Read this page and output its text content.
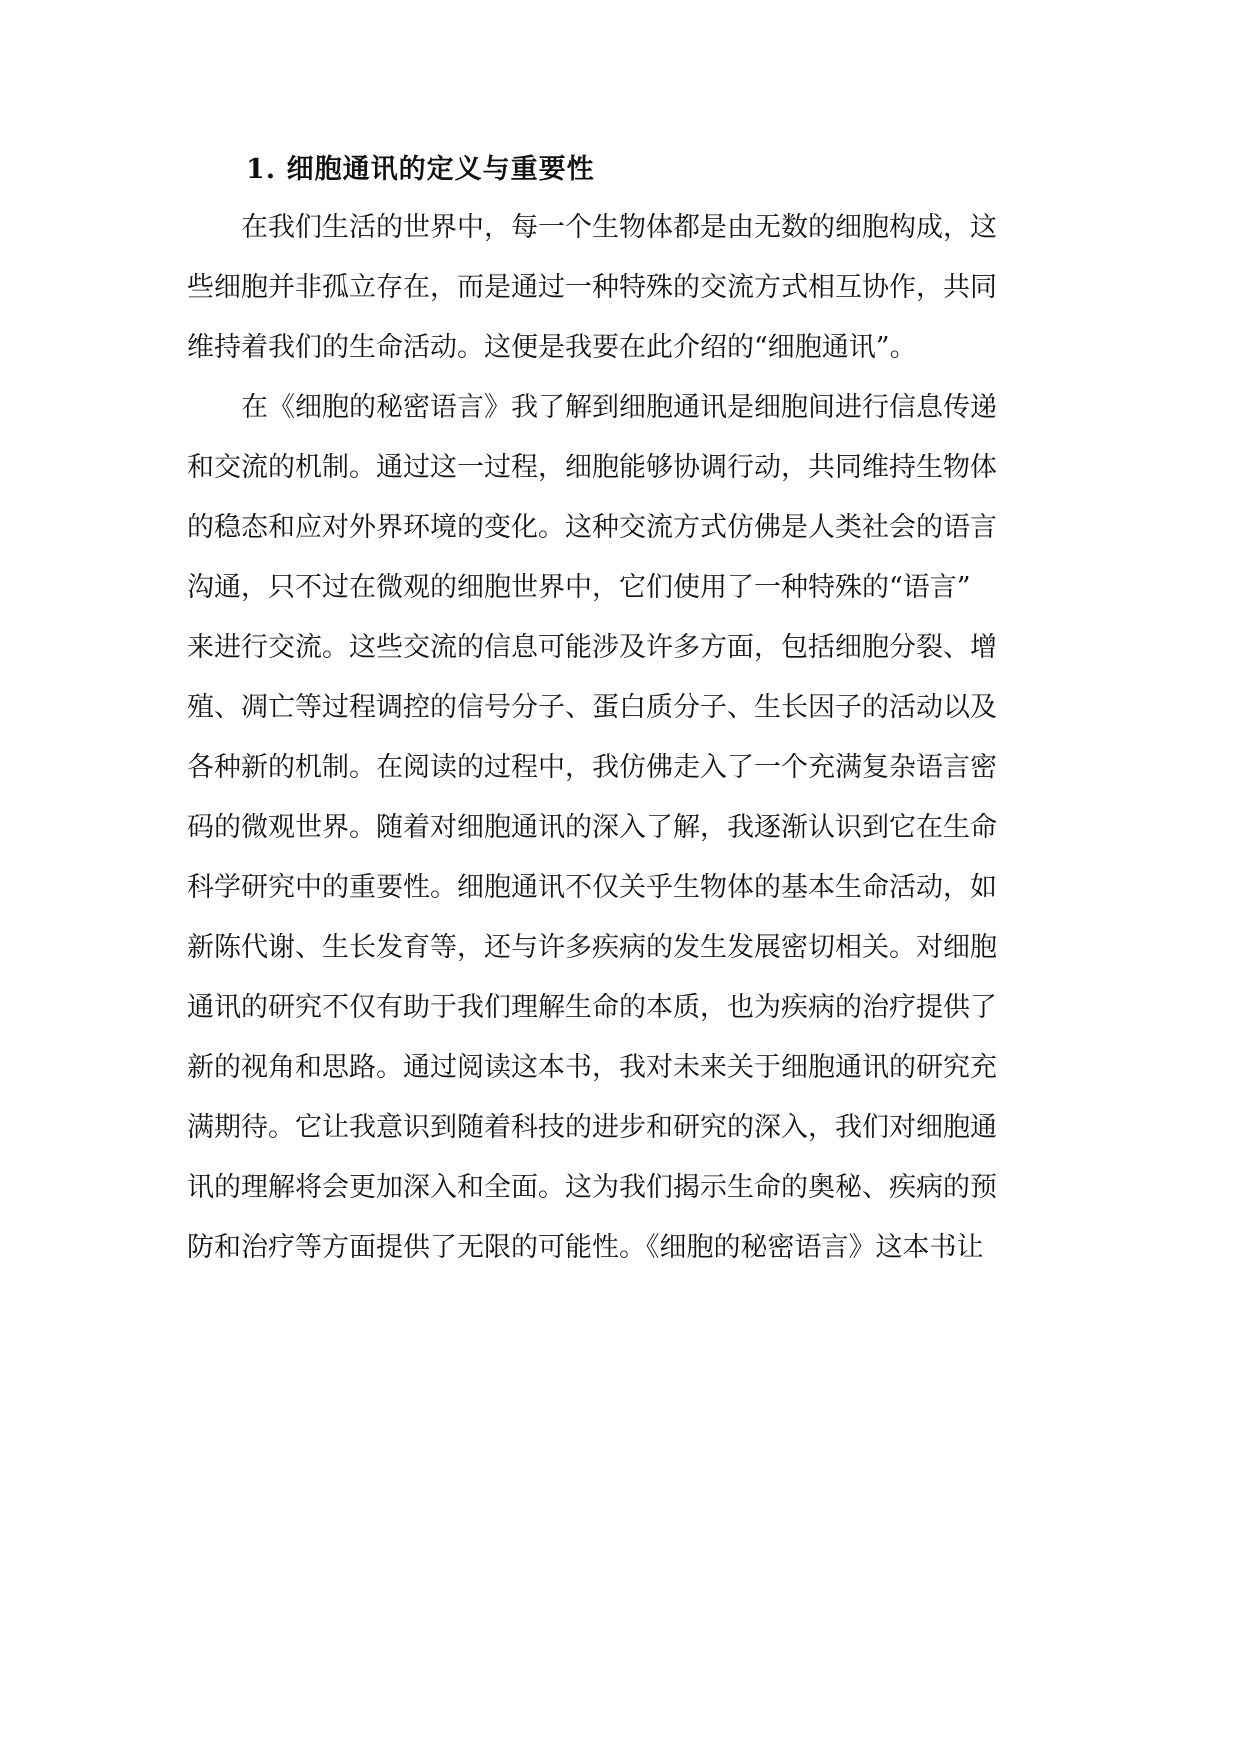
1. 细胞通讯的定义与重要性
　　在我们生活的世界中，每一个生物体都是由无数的细胞构成，这
些细胞并非孤立存在，而是通过一种特殊的交流方式相互协作，共同
维持着我们的生命活动。这便是我要在此介绍的“细胞通讯”。
　　在《细胞的秘密语言》我了解到细胞通讯是细胞间进行信息传递
和交流的机制。通过这一过程，细胞能够协调行动，共同维持生物体
的稳态和应对外界环境的变化。这种交流方式仿佛是人类社会的语言
沟通，只不过在微观的细胞世界中，它们使用了一种特殊的“语言”
来进行交流。这些交流的信息可能涉及许多方面，包括细胞分裂、增
殖、凋亡等过程调控的信号分子、蛋白质分子、生长因子的活动以及
各种新的机制。在阅读的过程中，我仿佛走入了一个充满复杂语言密
码的微观世界。随着对细胞通讯的深入了解，我逐渐认识到它在生命
科学研究中的重要性。细胞通讯不仅关乎生物体的基本生命活动，如
新陈代谢、生长发育等，还与许多疾病的发生发展密切相关。对细胞
通讯的研究不仅有助于我们理解生命的本质，也为疾病的治疗提供了
新的视角和思路。通过阅读这本书，我对未来关于细胞通讯的研究充
满期待。它让我意识到随着科技的进步和研究的深入，我们对细胞通
讯的理解将会更加深入和全面。这为我们揭示生命的奥秘、疾病的预
防和治疗等方面提供了无限的可能性。《细胞的秘密语言》这本书让
